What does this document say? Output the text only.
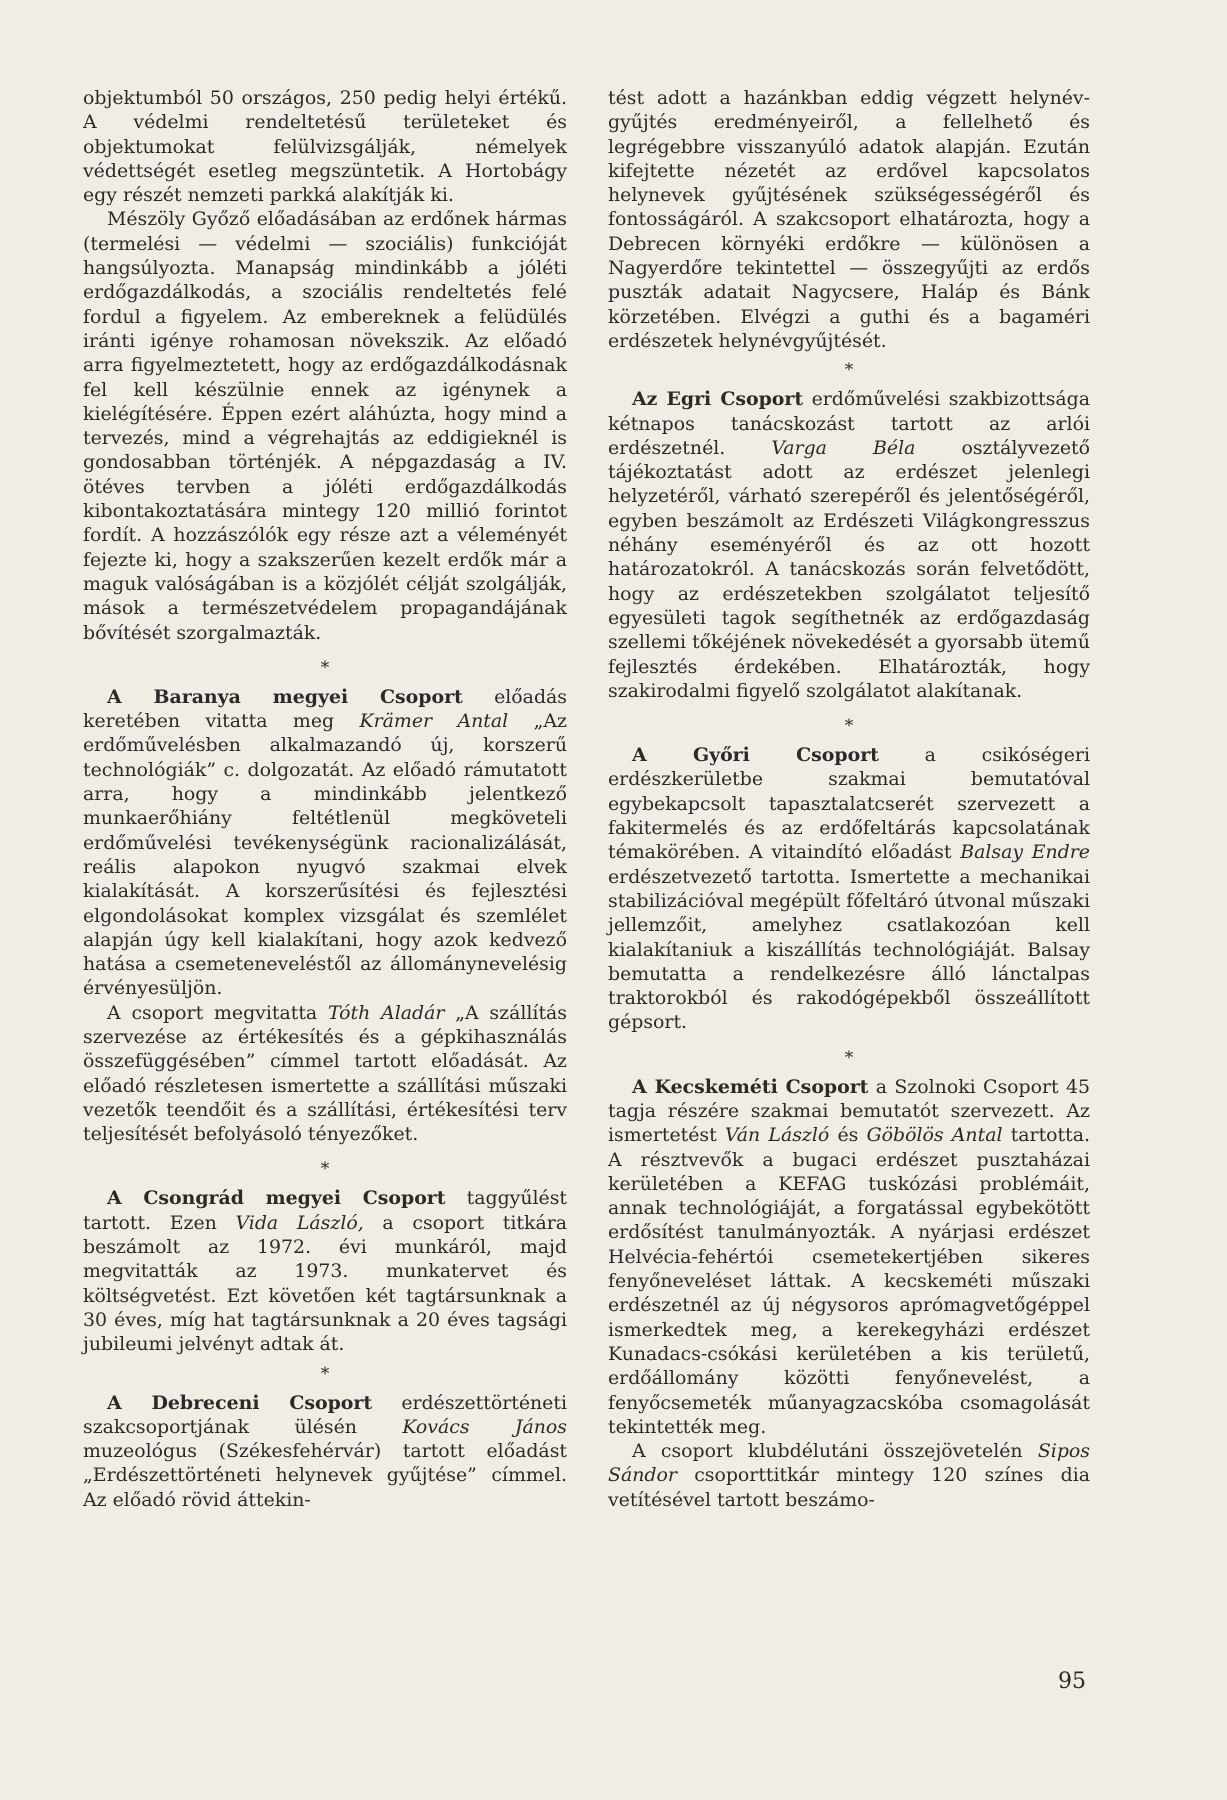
objektumból 50 országos, 250 pedig helyi értékű. A védelmi rendeltetésű területeket és objektumokat felülvizsgálják, némelyek védettségét esetleg megszüntetik. A Hortobágy egy részét nemzeti parkká alakítják ki.

Mészöly Győző előadásában az erdőnek hármas (termelési — védelmi — szociális) funkcióját hangsúlyozta. Manapság mindinkább a jóléti erdőgazdálkodás, a szociális rendeltetés felé fordul a figyelem. Az embereknek a felüdülés iránti igénye rohamosan növekszik. Az előadó arra figyelmeztetett, hogy az erdőgazdálkodásnak fel kell készülnie ennek az igénynek a kielégítésére. Éppen ezért aláhúzta, hogy mind a tervezés, mind a végrehajtás az eddigieknél is gondosabban történjék. A népgazdaság a IV. ötéves tervben a jóléti erdőgazdálkodás kibontakoztatására mintegy 120 millió forintot fordít. A hozzászólók egy része azt a véleményét fejezte ki, hogy a szakszerűen kezelt erdők már a maguk valóságában is a közjólét célját szolgálják, mások a természetvédelem propagandájának bővítését szorgalmazták.

*

A Baranya megyei Csoport előadás keretében vitatta meg Krämer Antal „Az erdőművelésben alkalmazandó új, korszerű technológiák” c. dolgozatát. Az előadó rámutatott arra, hogy a mindinkább jelentkező munkaerőhiány feltétlenül megköveteli erdőművelési tevékenységünk racionalizálását, reális alapokon nyugvó szakmai elvek kialakítását. A korszerűsítési és fejlesztési elgondolásokat komplex vizsgálat és szemlélet alapján úgy kell kialakítani, hogy azok kedvező hatása a csemeteneveléstől az állománynevelésig érvényesüljön.

A csoport megvitatta Tóth Aladár „A szállítás szervezése az értékesítés és a gépkihasználás összefüggésében” címmel tartott előadását. Az előadó részletesen ismertette a szállítási műszaki vezetők teendőit és a szállítási, értékesítési terv teljesítését befolyásoló tényezőket.

*

A Csongrád megyei Csoport taggyűlést tartott. Ezen Vida László, a csoport titkára beszámolt az 1972. évi munkáról, majd megvitatták az 1973. munkatervet és költségvetést. Ezt követően két tagtársunknak a 30 éves, míg hat tagtársunknak a 20 éves tagsági jubileumi jelvényt adtak át.

*

A Debreceni Csoport erdészettörténeti szakcsoportjának ülésén Kovács János muzeológus (Székesfehérvár) tartott előadást „Erdészettörténeti helynevek gyűjtése” címmel. Az előadó rövid áttekin-

tést adott a hazánkban eddig végzett helynév-gyűjtés eredményeiről, a fellelhető és legrégebbre visszanyúló adatok alapján. Ezután kifejtette nézetét az erdővel kapcsolatos helynevek gyűjtésének szükségességéről és fontosságáról. A szakcsoport elhatározta, hogy a Debrecen környéki erdőkre — különösen a Nagyerdőre tekintettel — összegyűjti az erdős puszták adatait Nagycsere, Haláp és Bánk körzetében. Elvégzi a guthi és a bagaméri erdészetek helynévgyűjtését.

*

Az Egri Csoport erdőművelési szakbizottsága kétnapos tanácskozást tartott az arlói erdészetnél. Varga Béla osztályvezető tájékoztatást adott az erdészet jelenlegi helyzetéről, várható szerepéről és jelentőségéről, egyben beszámolt az Erdészeti Világkongresszus néhány eseményéről és az ott hozott határozatokról. A tanácskozás során felvetődött, hogy az erdészetekben szolgálatot teljesítő egyesületi tagok segíthetnék az erdőgazdaság szellemi tőkéjének növekedését a gyorsabb ütemű fejlesztés érdekében. Elhatározták, hogy szakirodalmi figyelő szolgálatot alakítanak.

*

A Győri Csoport a csikóségeri erdészkerületbe szakmai bemutatóval egybekapcsolt tapasztalatcserét szervezett a fakitermelés és az erdőfeltárás kapcsolatának témakörében. A vitaindító előadást Balsay Endre erdészetvezető tartotta. Ismertette a mechanikai stabilizációval megépült főfeltáró útvonal műszaki jellemzőit, amelyhez csatlakozóan kell kialakítaniuk a kiszállítás technológiáját. Balsay bemutatta a rendelkezésre álló lánctalpas traktorokból és rakodógépekből összeállított gépsort.

*

A Kecskeméti Csoport a Szolnoki Csoport 45 tagja részére szakmai bemutatót szervezett. Az ismertetést Ván László és Göbölös Antal tartotta. A résztvevők a bugaci erdészet pusztaházai kerületében a KEFAG tuskózási problémáit, annak technológiáját, a forgatással egybekötött erdősítést tanulmányozták. A nyárjasi erdészet Helvécia-fehértói csemetekertjében sikeres fenyőneveléset láttak. A kecskeméti műszaki erdészetnél az új négysoros aprómagvetőgéppel ismerkedtek meg, a kerekegyházi erdészet Kunadacs-csókási kerületében a kis területű, erdőállomány közötti fenyőnevelést, a fenyőcsemeték műanyagzacskóba csomagolását tekintették meg.

A csoport klubdélutáni összejövetelén Sipos Sándor csoporttitkár mintegy 120 színes dia vetítésével tartott beszámo-

95
